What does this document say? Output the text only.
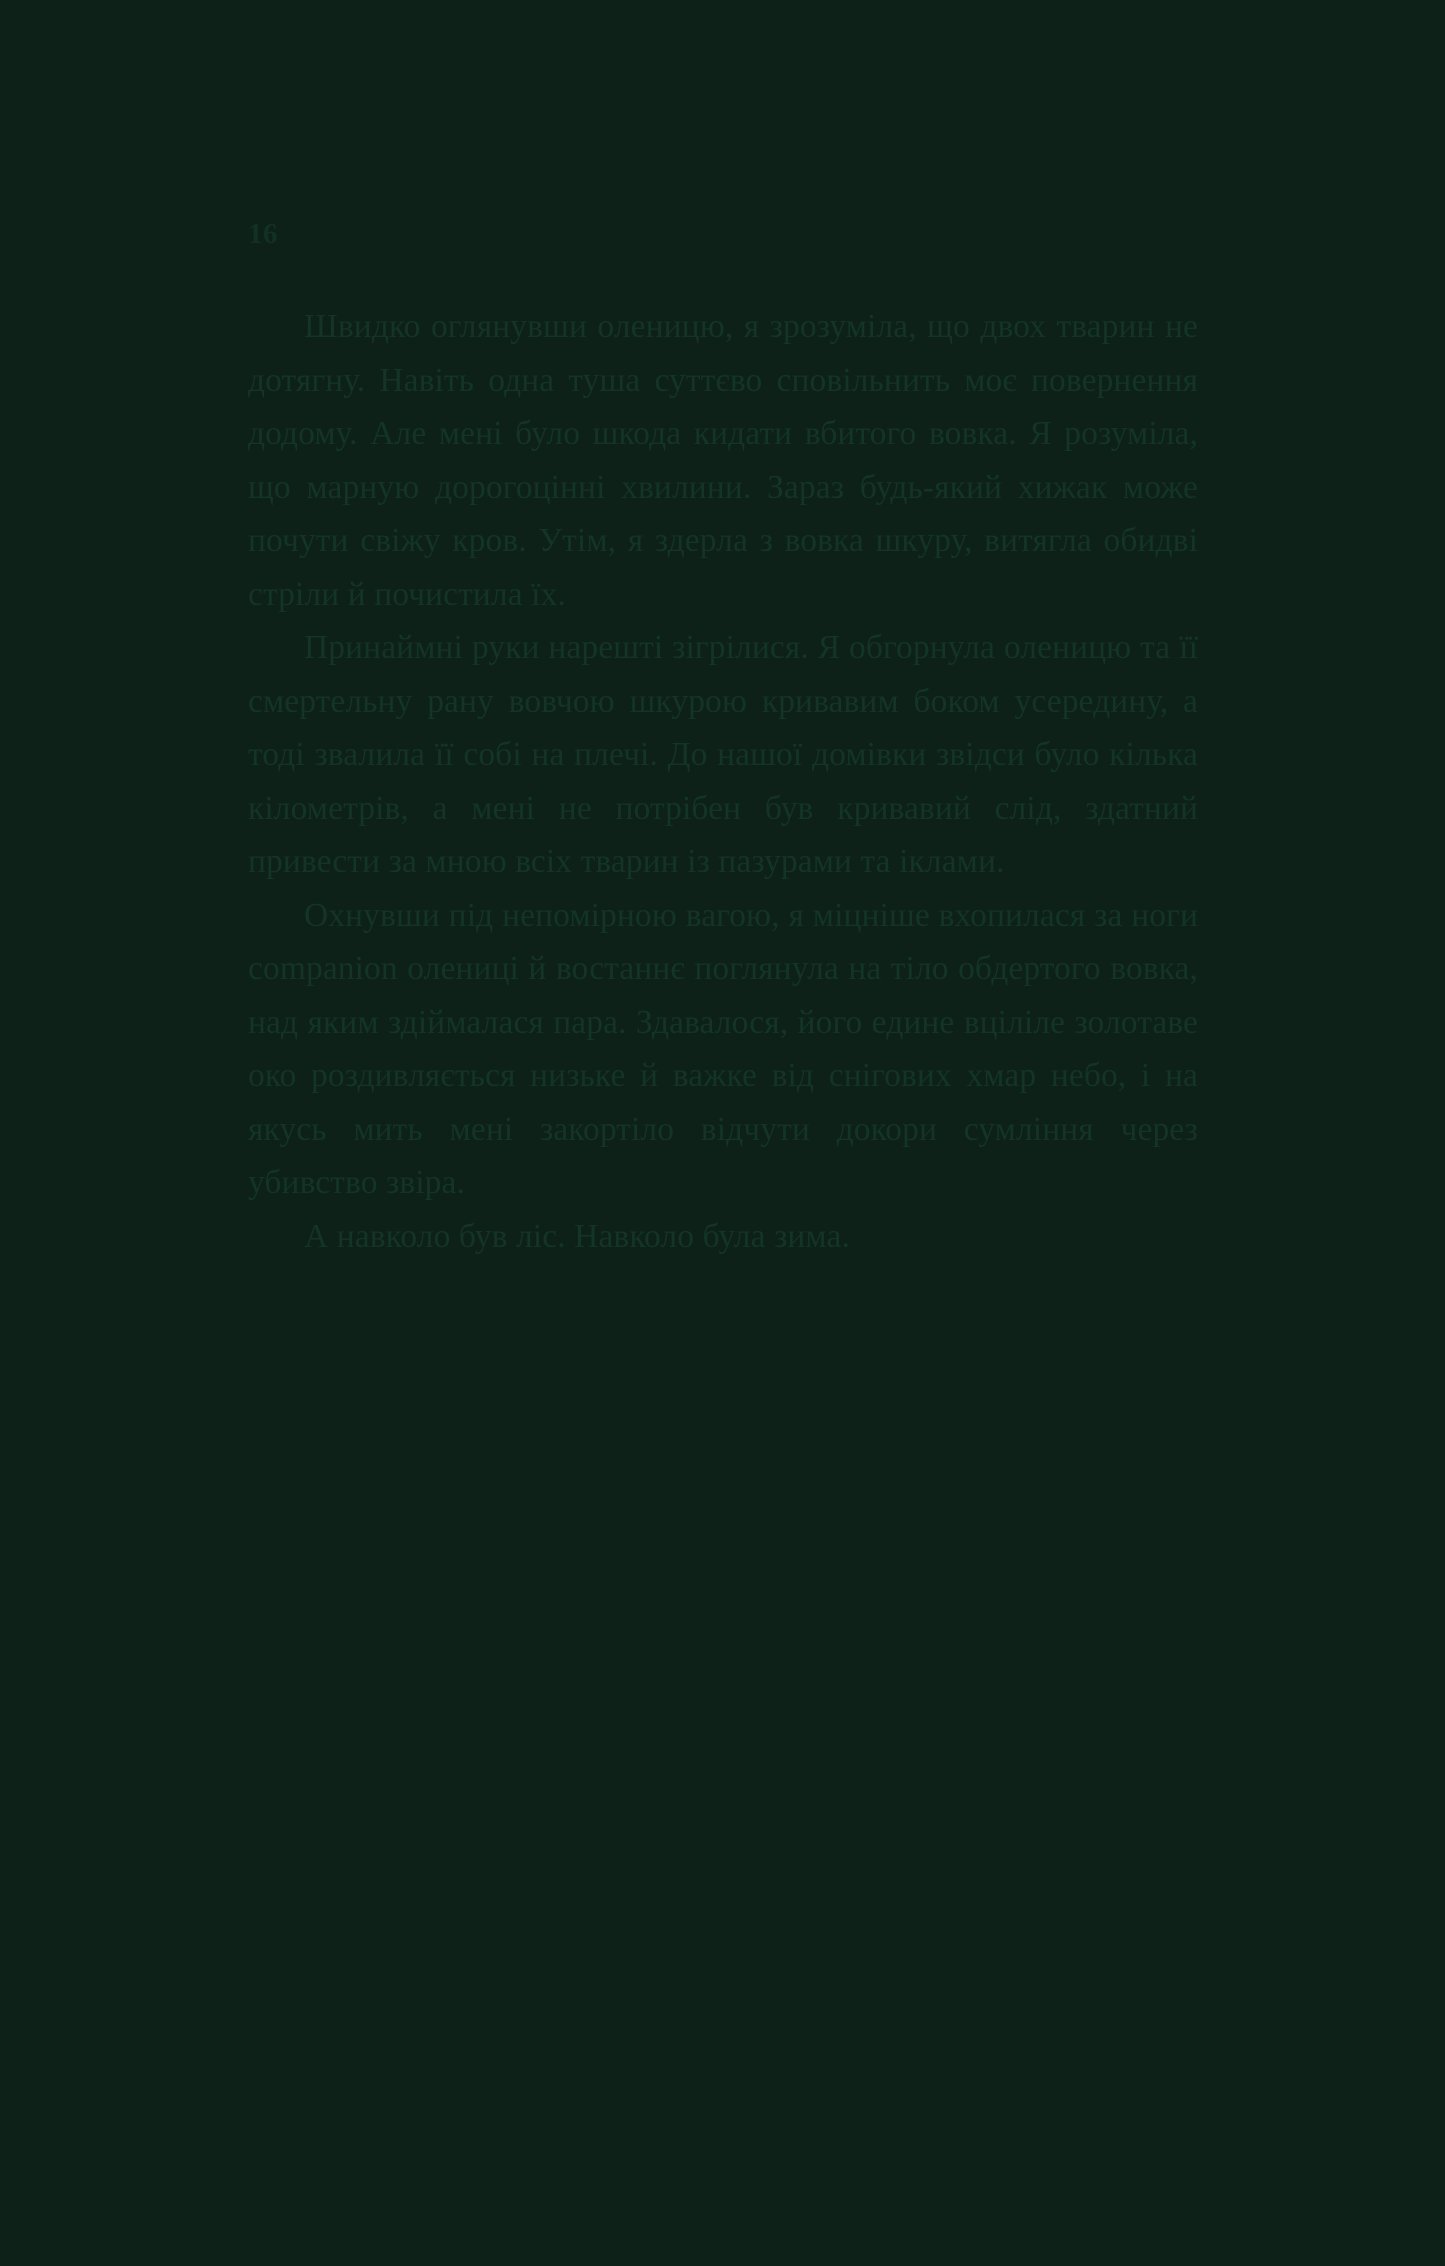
16

Швидко оглянувши оленицю, я зрозуміла, що двох тварин не дотягну. Навіть одна туша суттєво сповільнить моє повернення додому. Але мені було шкода кидати вбитого вовка. Я розуміла, що марную дорогоцінні хвилини. Зараз будь-який хижак може почути свіжу кров. Утім, я здерла з вовка шкуру, витягла обидві стріли й почистила їх.

Принаймні руки нарешті зігрілися. Я обгорнула оленицю та її смертельну рану вовчою шкурою кривавим боком усередину, а тоді звалила її собі на плечі. До нашої домівки звідси було кілька кілометрів, а мені не потрібен був кривавий слід, здатний привести за мною всіх тварин із пазурами та іклами.

Охнувши під непомірною вагою, я міцніше вхопилася за ноги companion олениці й востаннє поглянула на тіло обдертого вовка, над яким здіймалася пара. Здавалося, його едине вціліле золотаве око роздивляється низьке й важке від снігових хмар небо, і на якусь мить мені закортіло відчути докори сумління через убивство звіра.

А навколо був ліс. Навколо була зима.
